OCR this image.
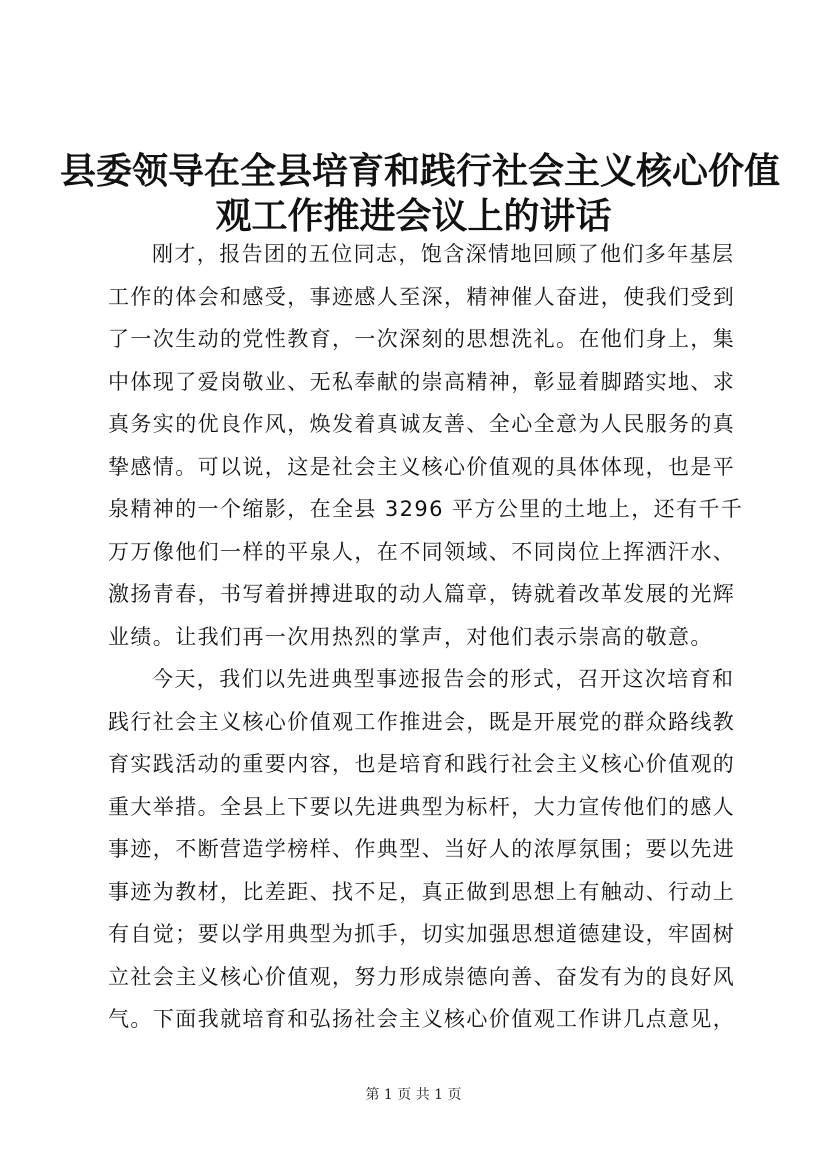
县委领导在全县培育和践行社会主义核心价值
观工作推进会议上的讲话
刚才，报告团的五位同志，饱含深情地回顾了他们多年基层
工作的体会和感受，事迹感人至深，精神催人奋进，使我们受到
了一次生动的党性教育，一次深刻的思想洗礼。在他们身上，集
中体现了爱岗敬业、无私奉献的崇高精神，彰显着脚踏实地、求
真务实的优良作风，焕发着真诚友善、全心全意为人民服务的真
挚感情。可以说，这是社会主义核心价值观的具体体现，也是平
泉精神的一个缩影，在全县 3296 平方公里的土地上，还有千千
万万像他们一样的平泉人，在不同领域、不同岗位上挥洒汗水、
激扬青春，书写着拼搏进取的动人篇章，铸就着改革发展的光辉
业绩。让我们再一次用热烈的掌声，对他们表示崇高的敬意。
今天，我们以先进典型事迹报告会的形式，召开这次培育和
践行社会主义核心价值观工作推进会，既是开展党的群众路线教
育实践活动的重要内容，也是培育和践行社会主义核心价值观的
重大举措。全县上下要以先进典型为标杆，大力宣传他们的感人
事迹，不断营造学榜样、作典型、当好人的浓厚氛围；要以先进
事迹为教材，比差距、找不足，真正做到思想上有触动、行动上
有自觉；要以学用典型为抓手，切实加强思想道德建设，牢固树
立社会主义核心价值观，努力形成崇德向善、奋发有为的良好风
气。下面我就培育和弘扬社会主义核心价值观工作讲几点意见，
第 1 页 共 1 页
